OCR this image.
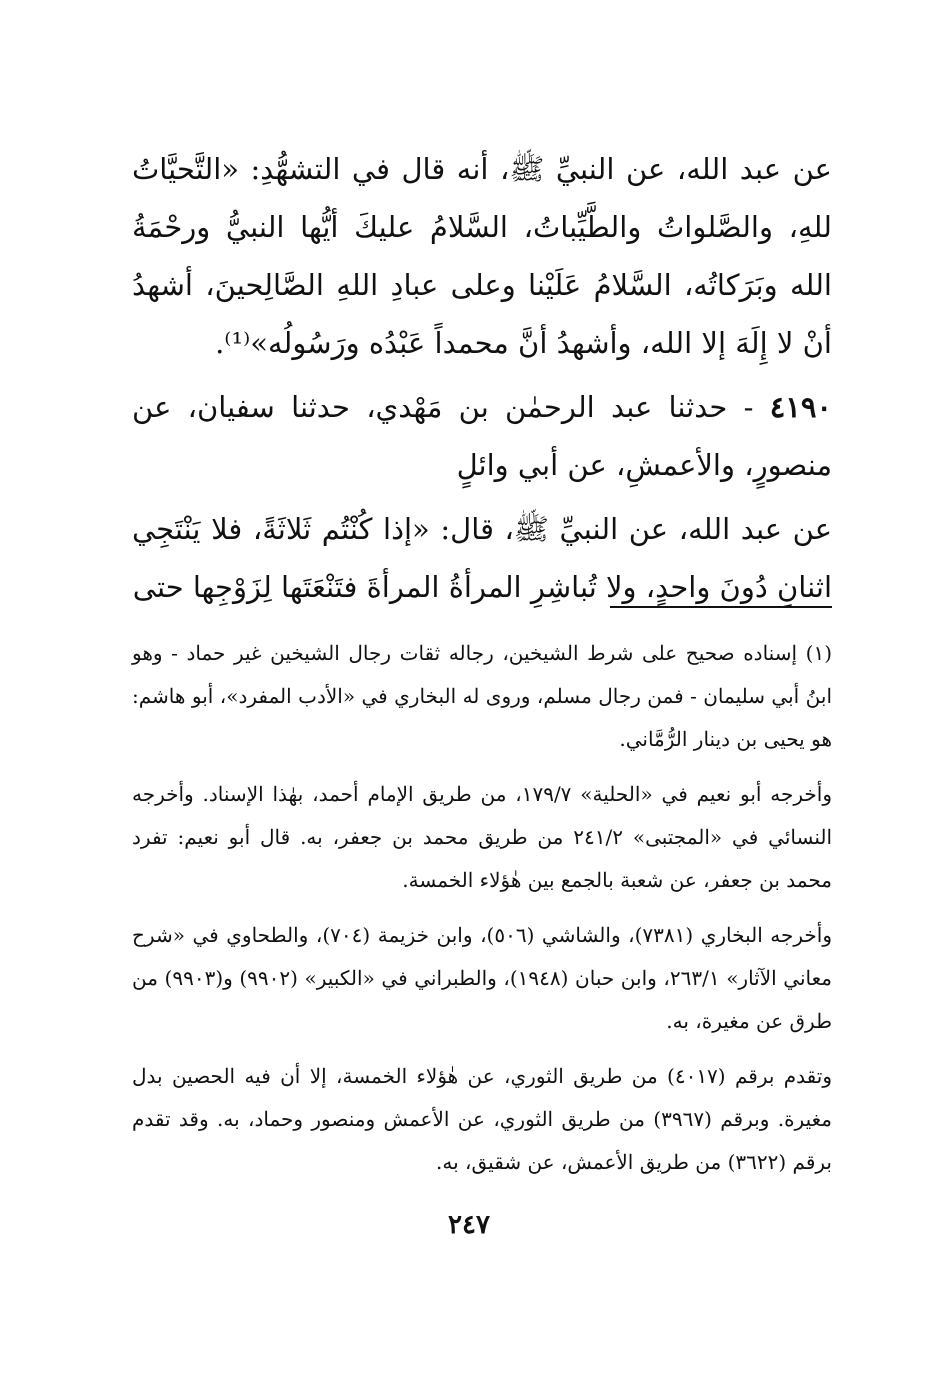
عن عبد الله، عن النبيِّ ﷺ، أنه قال في التشهُّدِ: «التَّحيَّاتُ للهِ، والصَّلواتُ والطَّيِّباتُ، السَّلامُ عليكَ أيُّها النبيُّ ورحْمَةُ الله وبَرَكاتُه، السَّلامُ عَلَيْنا وعلى عبادِ اللهِ الصَّالِحينَ، أشهدُ أنْ لا إِلَهَ إلا الله، وأشهدُ أنَّ محمداً عَبْدُه ورَسُولُه»⁽¹⁾.

٤١٩٠ - حدثنا عبد الرحمٰن بن مَهْدي، حدثنا سفيان، عن منصورٍ، والأعمشِ، عن أبي وائلٍ

عن عبد الله، عن النبيِّ ﷺ، قال: «إذا كُنْتُم ثَلاثَةً، فلا يَنْتَجِي اثنانِ دُونَ واحدٍ، ولا تُباشِرِ المرأةُ المرأةَ فتَنْعَتَها لِزَوْجِها حتى

(١) إسناده صحيح على شرط الشيخين، رجاله ثقات رجال الشيخين غير حماد - وهو ابنُ أبي سليمان - فمن رجال مسلم، وروى له البخاري في «الأدب المفرد»، أبو هاشم: هو يحيى بن دينار الرُّمَّاني.

وأخرجه أبو نعيم في «الحلية» ١٧٩/٧، من طريق الإمام أحمد، بهٰذا الإسناد. وأخرجه النسائي في «المجتبى» ٢٤١/٢ من طريق محمد بن جعفر، به. قال أبو نعيم: تفرد محمد بن جعفر، عن شعبة بالجمع بين هٰؤلاء الخمسة.

وأخرجه البخاري (٧٣٨١)، والشاشي (٥٠٦)، وابن خزيمة (٧٠٤)، والطحاوي في «شرح معاني الآثار» ٢٦٣/١، وابن حبان (١٩٤٨)، والطبراني في «الكبير» (٩٩٠٢) و(٩٩٠٣) من طرق عن مغيرة، به.

وتقدم برقم (٤٠١٧) من طريق الثوري، عن هٰؤلاء الخمسة، إلا أن فيه الحصين بدل مغيرة. وبرقم (٣٩٦٧) من طريق الثوري، عن الأعمش ومنصور وحماد، به. وقد تقدم برقم (٣٦٢٢) من طريق الأعمش، عن شقيق، به.

٢٤٧
